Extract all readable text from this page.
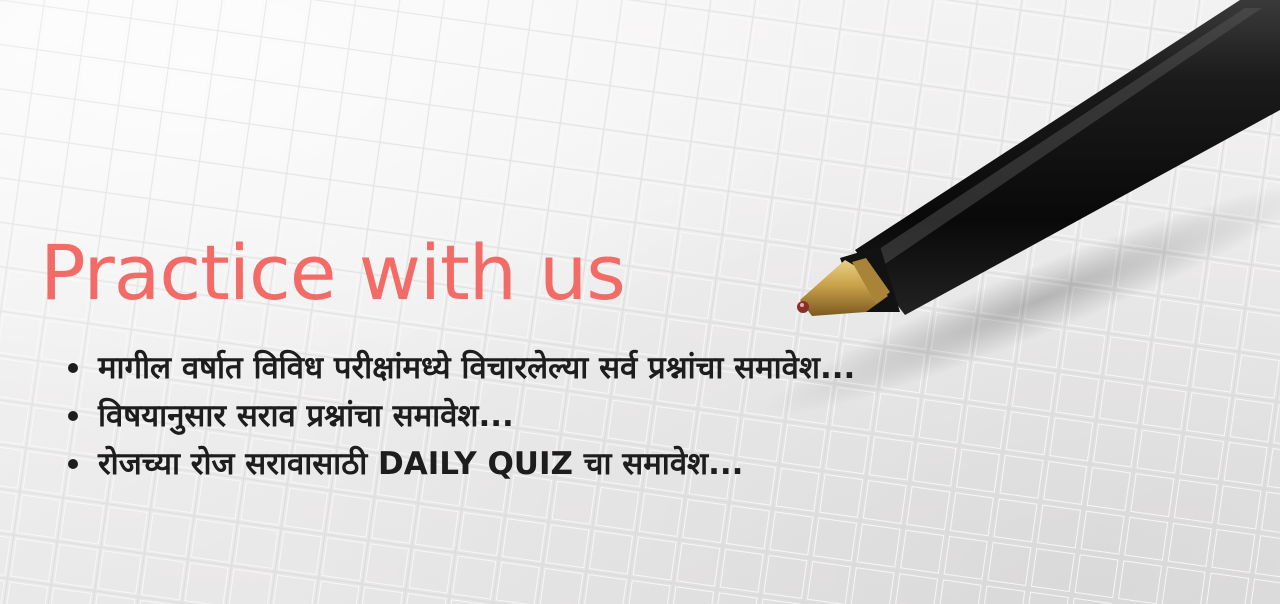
Practice with us
मागील वर्षात विविध परीक्षांमध्ये विचारलेल्या सर्व प्रश्नांचा समावेश...
विषयानुसार सराव प्रश्नांचा समावेश...
रोजच्या रोज सरावासाठी DAILY QUIZ चा समावेश...
